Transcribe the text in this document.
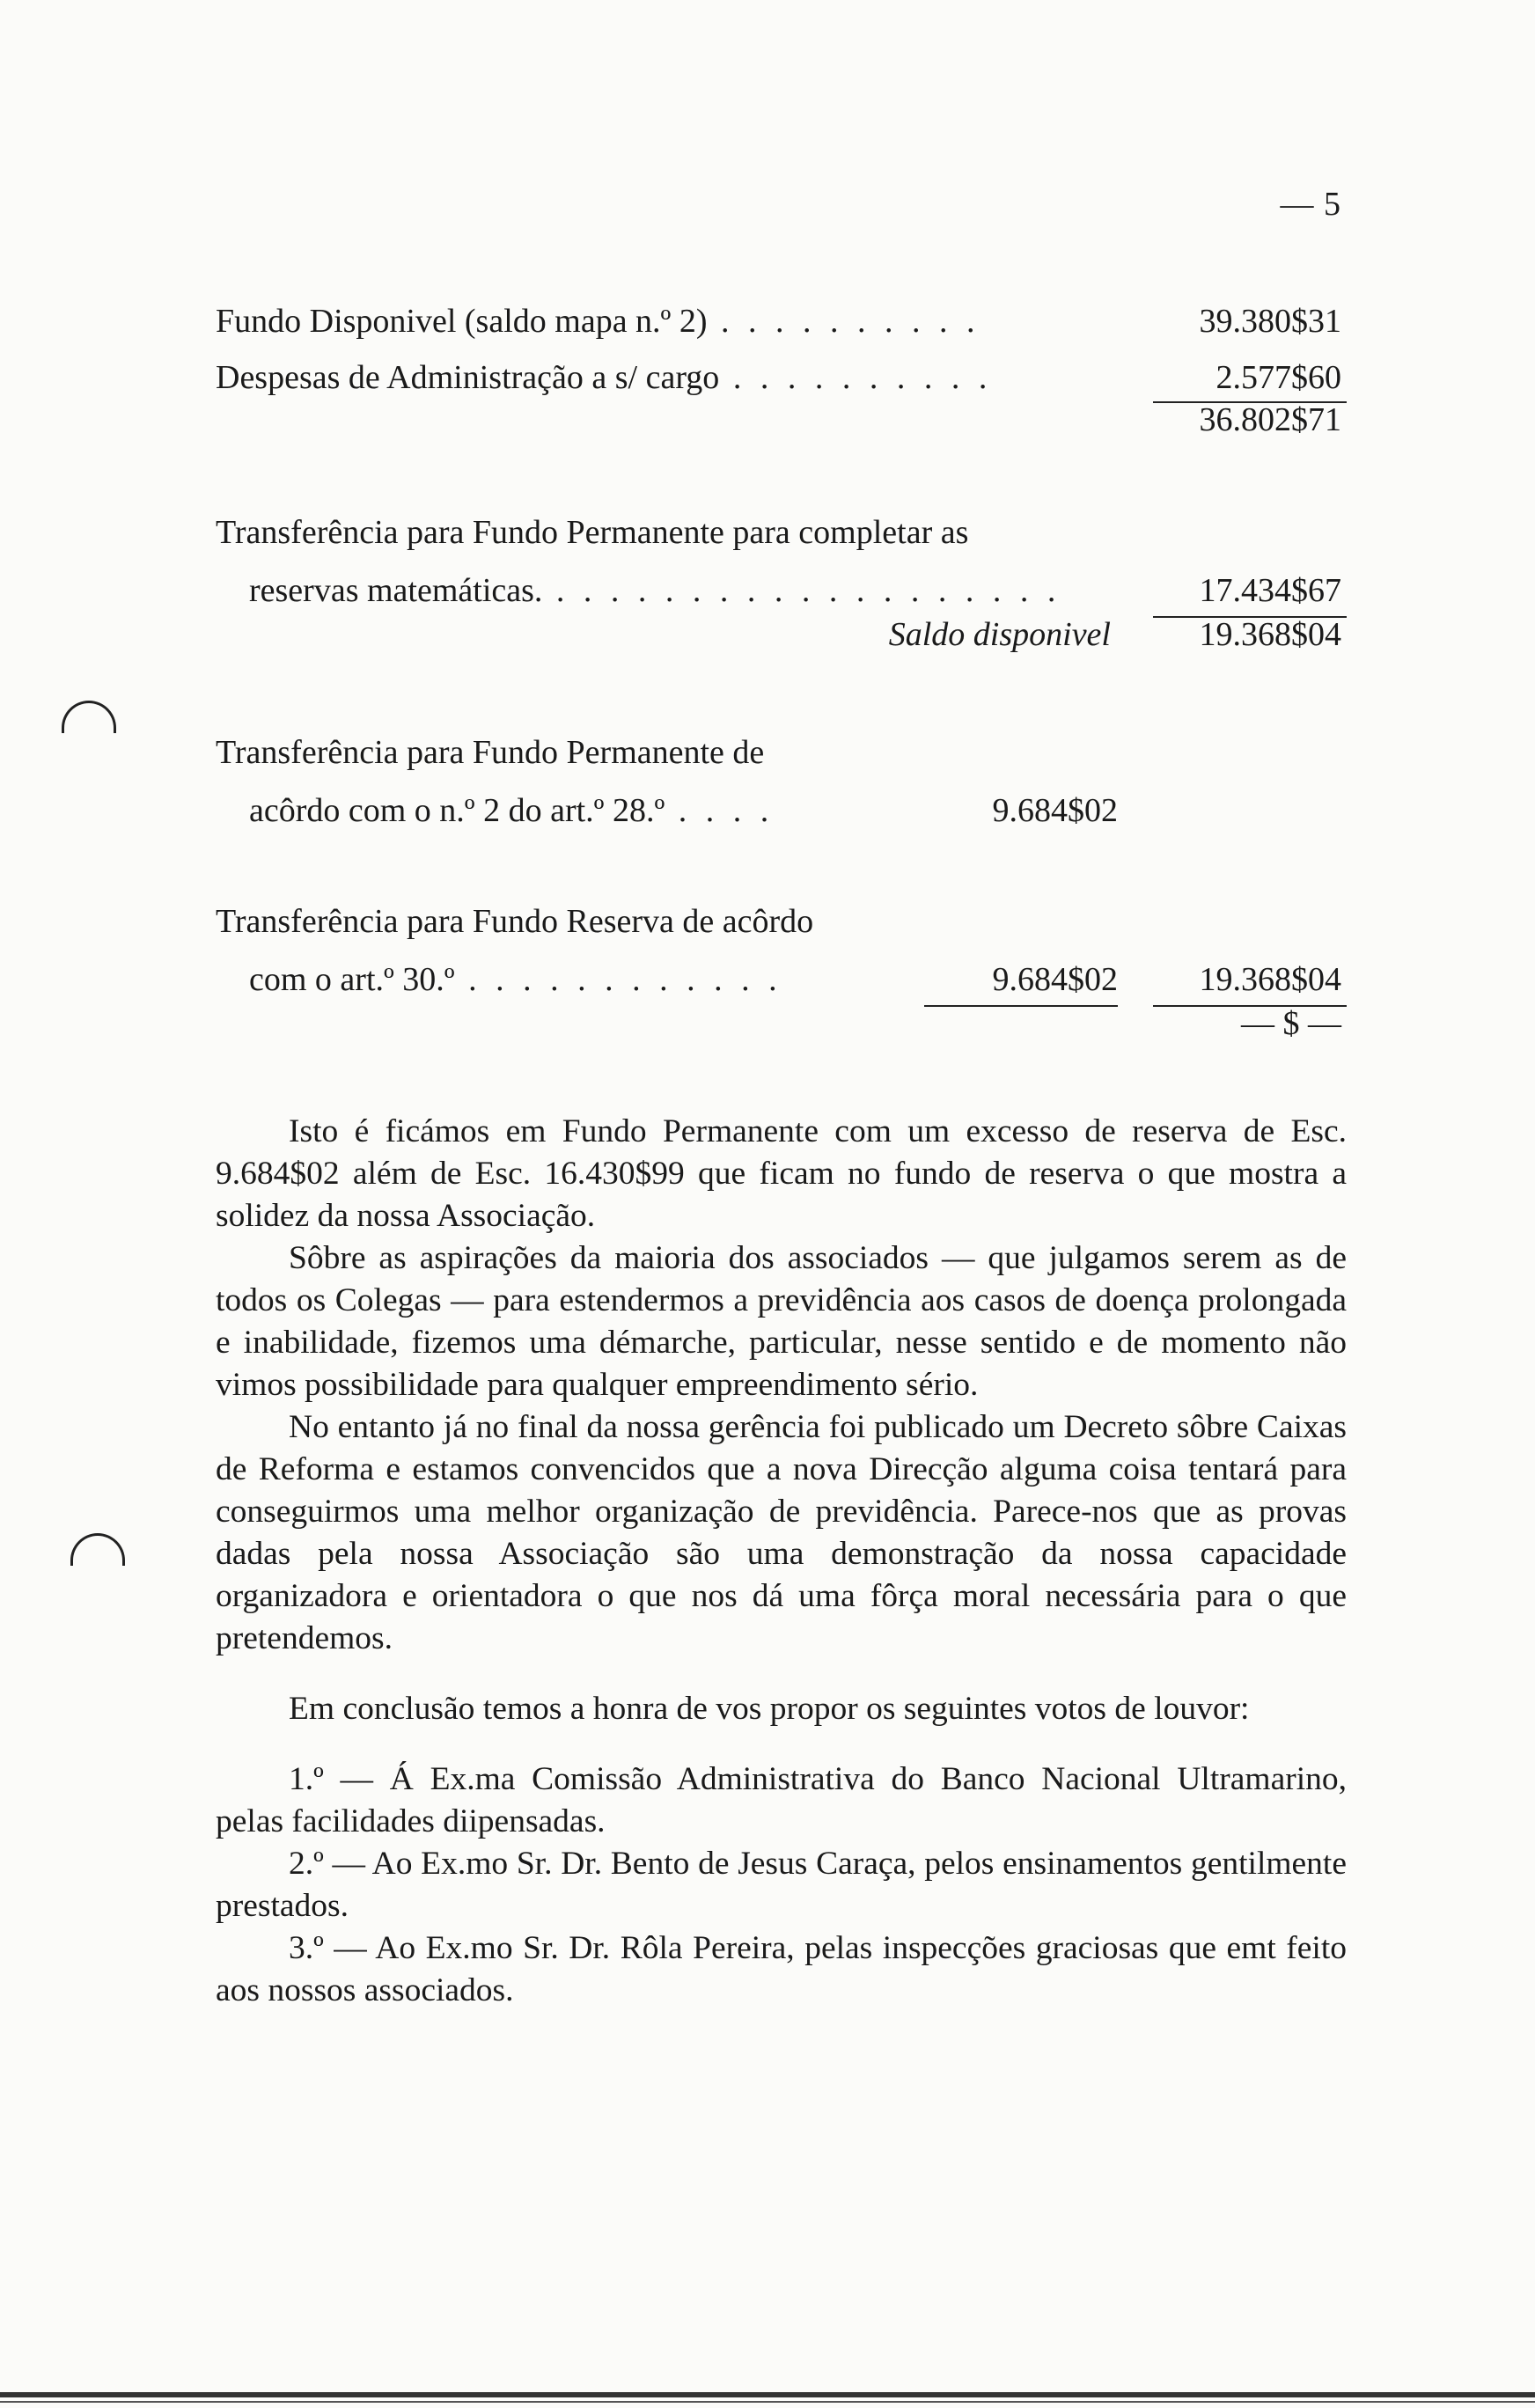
— 5
Fundo Disponivel (saldo mapa n.º 2) . . . . . . . . . .	39.380$31
Despesas de Administração a s/ cargo . . . . . . . . . .	2.577$60
36.802$71
Transferência para Fundo Permanente para completar as
reservas matemáticas. . . . . . . . . . . . . . . . . . . .	17.434$67
Saldo disponivel	19.368$04
Transferência para Fundo Permanente de
acôrdo com o n.º 2 do art.º 28.º . . . .	9.684$02
Transferência para Fundo Reserva de acôrdo
com o art.º 30.º . . . . . . . . . . . .	9.684$02 19.368$04
— $ —

Isto é ficámos em Fundo Permanente com um excesso de reserva de Esc. 9.684$02 além de Esc. 16.430$99 que ficam no fundo de reserva o que mostra a solidez da nossa Associação.

Sôbre as aspirações da maioria dos associados — que julgamos serem as de todos os Colegas — para estendermos a previdência aos casos de doença prolongada e inabilidade, fizemos uma démarche, particular, nesse sentido e de momento não vimos possibilidade para qualquer empreendimento sério.

No entanto já no final da nossa gerência foi publicado um Decreto sôbre Caixas de Reforma e estamos convencidos que a nova Direcção alguma coisa tentará para conseguirmos uma melhor organização de previdência. Parece-nos que as provas dadas pela nossa Associação são uma demonstração da nossa capacidade organizadora e orientadora o que nos dá uma fôrça moral necessária para o que pretendemos.

Em conclusão temos a honra de vos propor os seguintes votos de louvor:

1.º — Á Ex.ma Comissão Administrativa do Banco Nacional Ultramarino, pelas facilidades diipensadas.

2.º — Ao Ex.mo Sr. Dr. Bento de Jesus Caraça, pelos ensinamentos gentilmente prestados.

3.º — Ao Ex.mo Sr. Dr. Rôla Pereira, pelas inspecções graciosas que emt feito aos nossos associados.
